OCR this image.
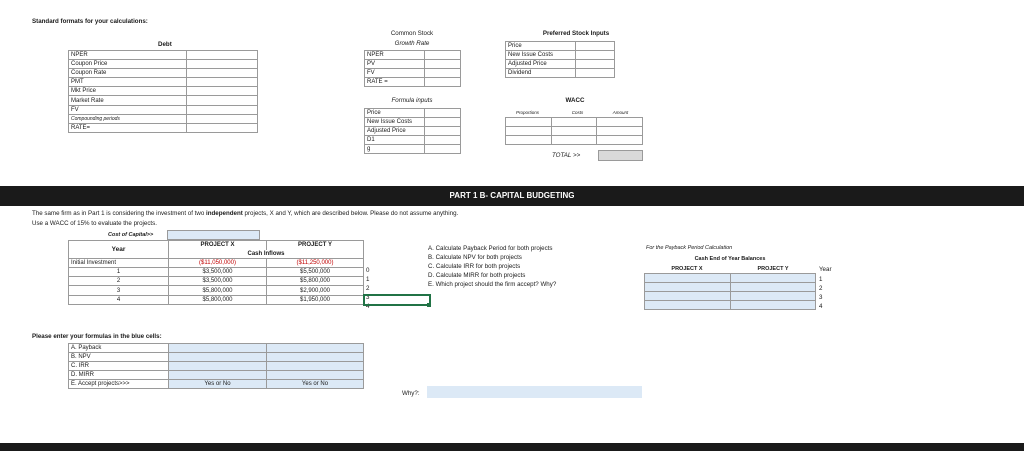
Standard formats for your calculations:
Debt
NPER	
Coupon Price	
Coupon Rate	
PMT	
Mkt Price	
Market Rate	
FV	
Compounding periods	
RATE=	
Common Stock
Growth Rate
NPER	
PV	
FV	
RATE =	
Formula inputs
Price	
New Issue Costs	
Adjusted Price	
D1	
g	
Preferred Stock Inputs
Price	
New Issue Costs	
Adjusted Price	
Dividend	
WACC
Proportions	Costs	Amount

TOTAL >>
PART 1 B- CAPITAL BUDGETING
The same firm as in Part 1 is considering the investment of two independent projects, X and Y, which are described below. Please do not assume anything.
Use a WACC of 15% to evaluate the projects.
Cost of Capital>>
Year	PROJECT X	PROJECT Y
	Cash Inflows	
Initial Investment	($11,050,000)	($11,250,000)
1	$3,500,000	$5,500,000
2	$3,500,000	$5,800,000
3	$5,800,000	$2,900,000
4	$5,800,000	$1,950,000
0
1
2
3
4
A. Calculate Payback Period for both projects
B. Calculate NPV for both projects
C. Calculate IRR for both projects
D. Calculate MIRR for both projects
E. Which project should the firm accept? Why?
For the Payback Period Calculation
Cash End of Year Balances
PROJECT X	PROJECT Y

		Year
1
2
3
4
Please enter your formulas in the blue cells:
A. Payback		
B. NPV		
C. IRR		
D. MIRR		
E. Accept projects>>>	Yes or No	Yes or No
Why?:
